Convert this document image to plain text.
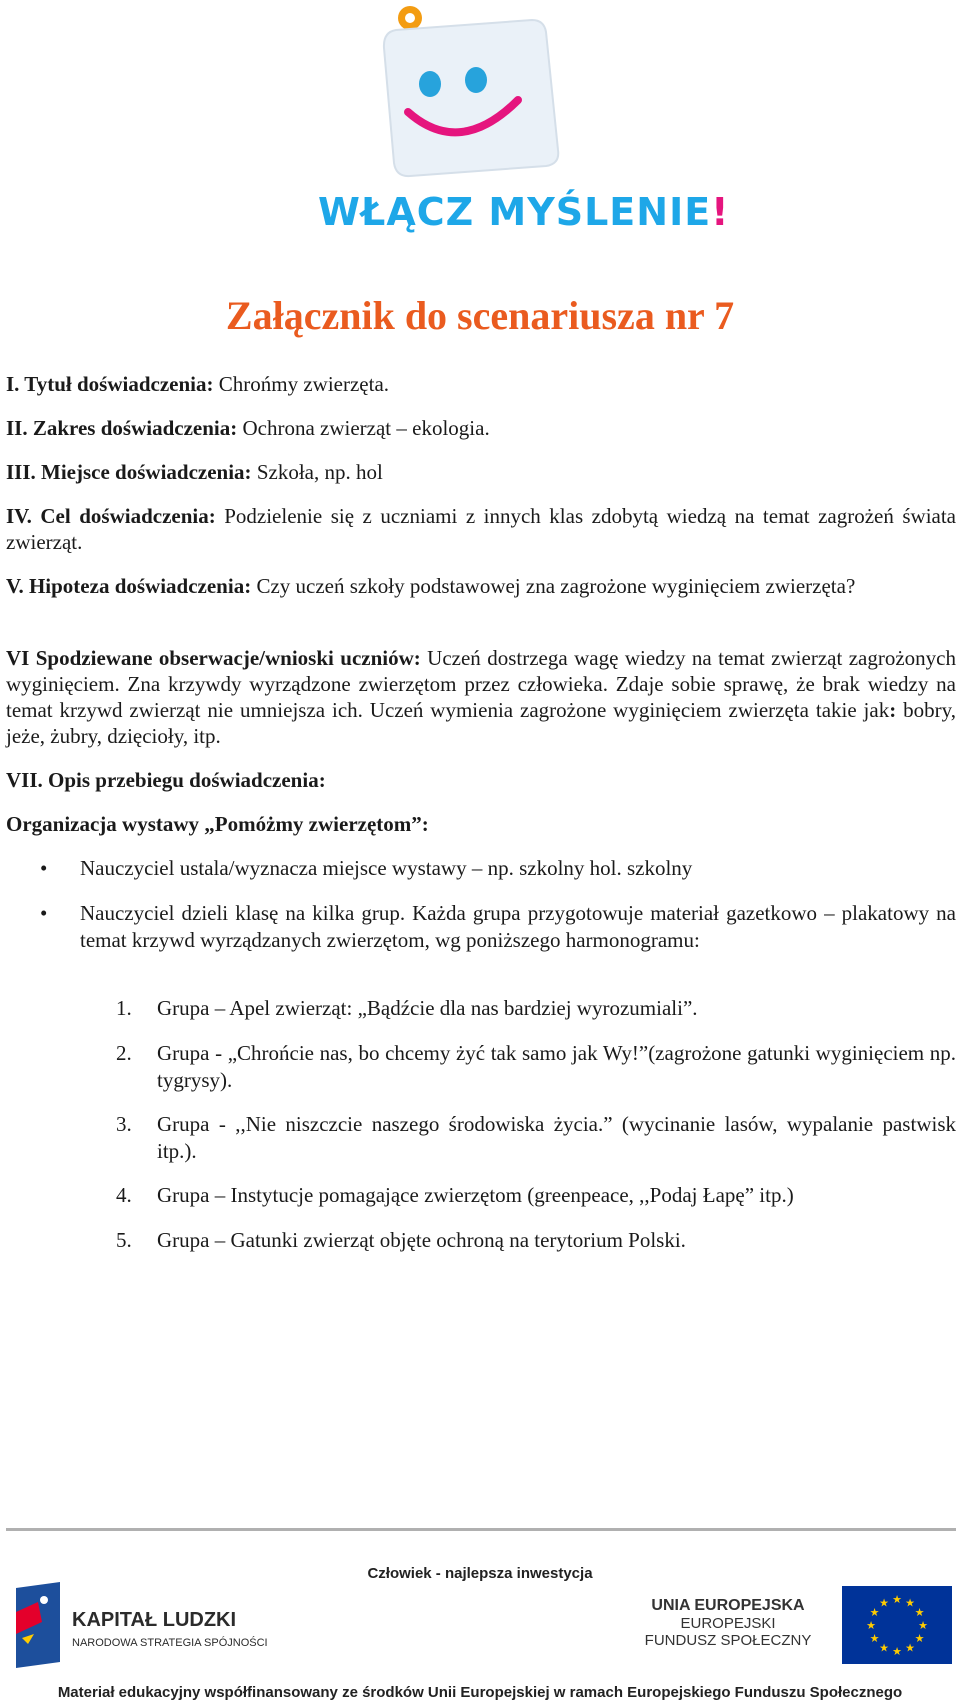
WŁĄCZ MYŚLENIE!
Załącznik do scenariusza nr 7
I. Tytuł doświadczenia: Chrońmy zwierzęta.
II. Zakres doświadczenia: Ochrona zwierząt – ekologia.
III. Miejsce doświadczenia: Szkoła, np. hol
IV. Cel doświadczenia: Podzielenie się z uczniami z innych klas zdobytą wiedzą na temat zagrożeń świata zwierząt.
V. Hipoteza doświadczenia: Czy uczeń szkoły podstawowej zna zagrożone wyginięciem zwierzęta?
VI Spodziewane obserwacje/wnioski uczniów: Uczeń dostrzega wagę wiedzy na temat zwierząt zagrożonych wyginięciem. Zna krzywdy wyrządzone zwierzętom przez człowieka. Zdaje sobie sprawę, że brak wiedzy na temat krzywd zwierząt nie umniejsza ich. Uczeń wymienia zagrożone wyginięciem zwierzęta takie jak: bobry, jeże, żubry, dzięcioły, itp.
VII. Opis przebiegu doświadczenia:
Organizacja wystawy „Pomóżmy zwierzętom”:
• Nauczyciel ustala/wyznacza miejsce wystawy – np. szkolny hol. szkolny
• Nauczyciel dzieli klasę na kilka grup. Każda grupa przygotowuje materiał gazetkowo – plakatowy na temat krzywd wyrządzanych zwierzętom, wg poniższego harmonogramu:
1. Grupa – Apel zwierząt: „Bądźcie dla nas bardziej wyrozumiali”.
2. Grupa - „Chrońcie nas, bo chcemy żyć tak samo jak Wy!”(zagrożone gatunki wyginięciem np. tygrysy).
3. Grupa - ,,Nie niszczcie naszego środowiska życia.” (wycinanie lasów, wypalanie pastwisk itp.).
4. Grupa – Instytucje pomagające zwierzętom (greenpeace, ,,Podaj Łapę” itp.)
5. Grupa – Gatunki zwierząt objęte ochroną na terytorium Polski.
Człowiek - najlepsza inwestycja
KAPITAŁ LUDZKI
NARODOWA STRATEGIA SPÓJNOŚCI
UNIA EUROPEJSKA
EUROPEJSKI
FUNDUSZ SPOŁECZNY
★
★
★
★
★
★
★
★
★ ★ ★
★
Materiał edukacyjny współfinansowany ze środków Unii Europejskiej w ramach Europejskiego Funduszu Społecznego
